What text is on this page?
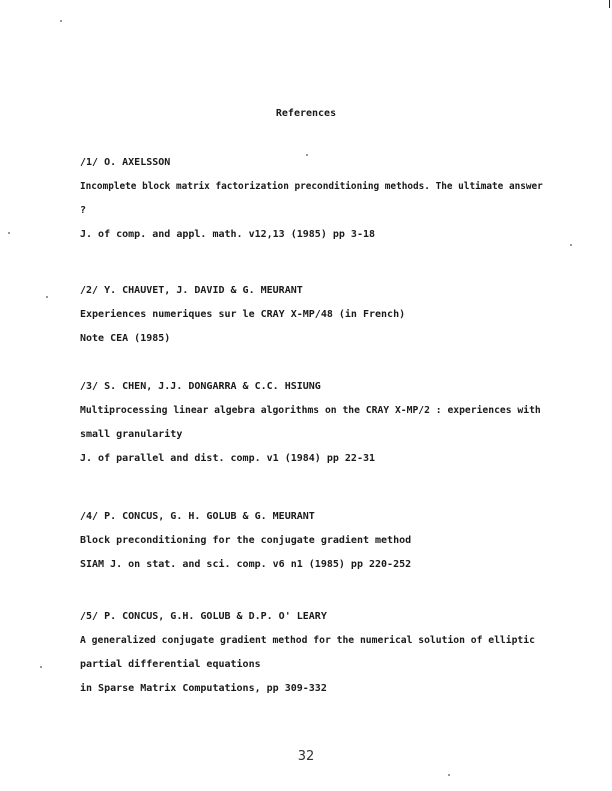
References
/1/ O. AXELSSON
Incomplete block matrix factorization preconditioning methods. The ultimate answer
?
J. of comp. and appl. math. v12,13 (1985) pp 3-18
/2/ Y. CHAUVET, J. DAVID & G. MEURANT
Experiences numeriques sur le CRAY X-MP/48 (in French)
Note CEA (1985)
/3/ S. CHEN, J.J. DONGARRA & C.C. HSIUNG
Multiprocessing linear algebra algorithms on the CRAY X-MP/2 : experiences with
small granularity
J. of parallel and dist. comp. v1 (1984) pp 22-31
/4/ P. CONCUS, G. H. GOLUB & G. MEURANT
Block preconditioning for the conjugate gradient method
SIAM J. on stat. and sci. comp. v6 n1 (1985) pp 220-252
/5/ P. CONCUS, G.H. GOLUB & D.P. O' LEARY
A generalized conjugate gradient method for the numerical solution of elliptic
partial differential equations
in Sparse Matrix Computations, pp 309-332
32
